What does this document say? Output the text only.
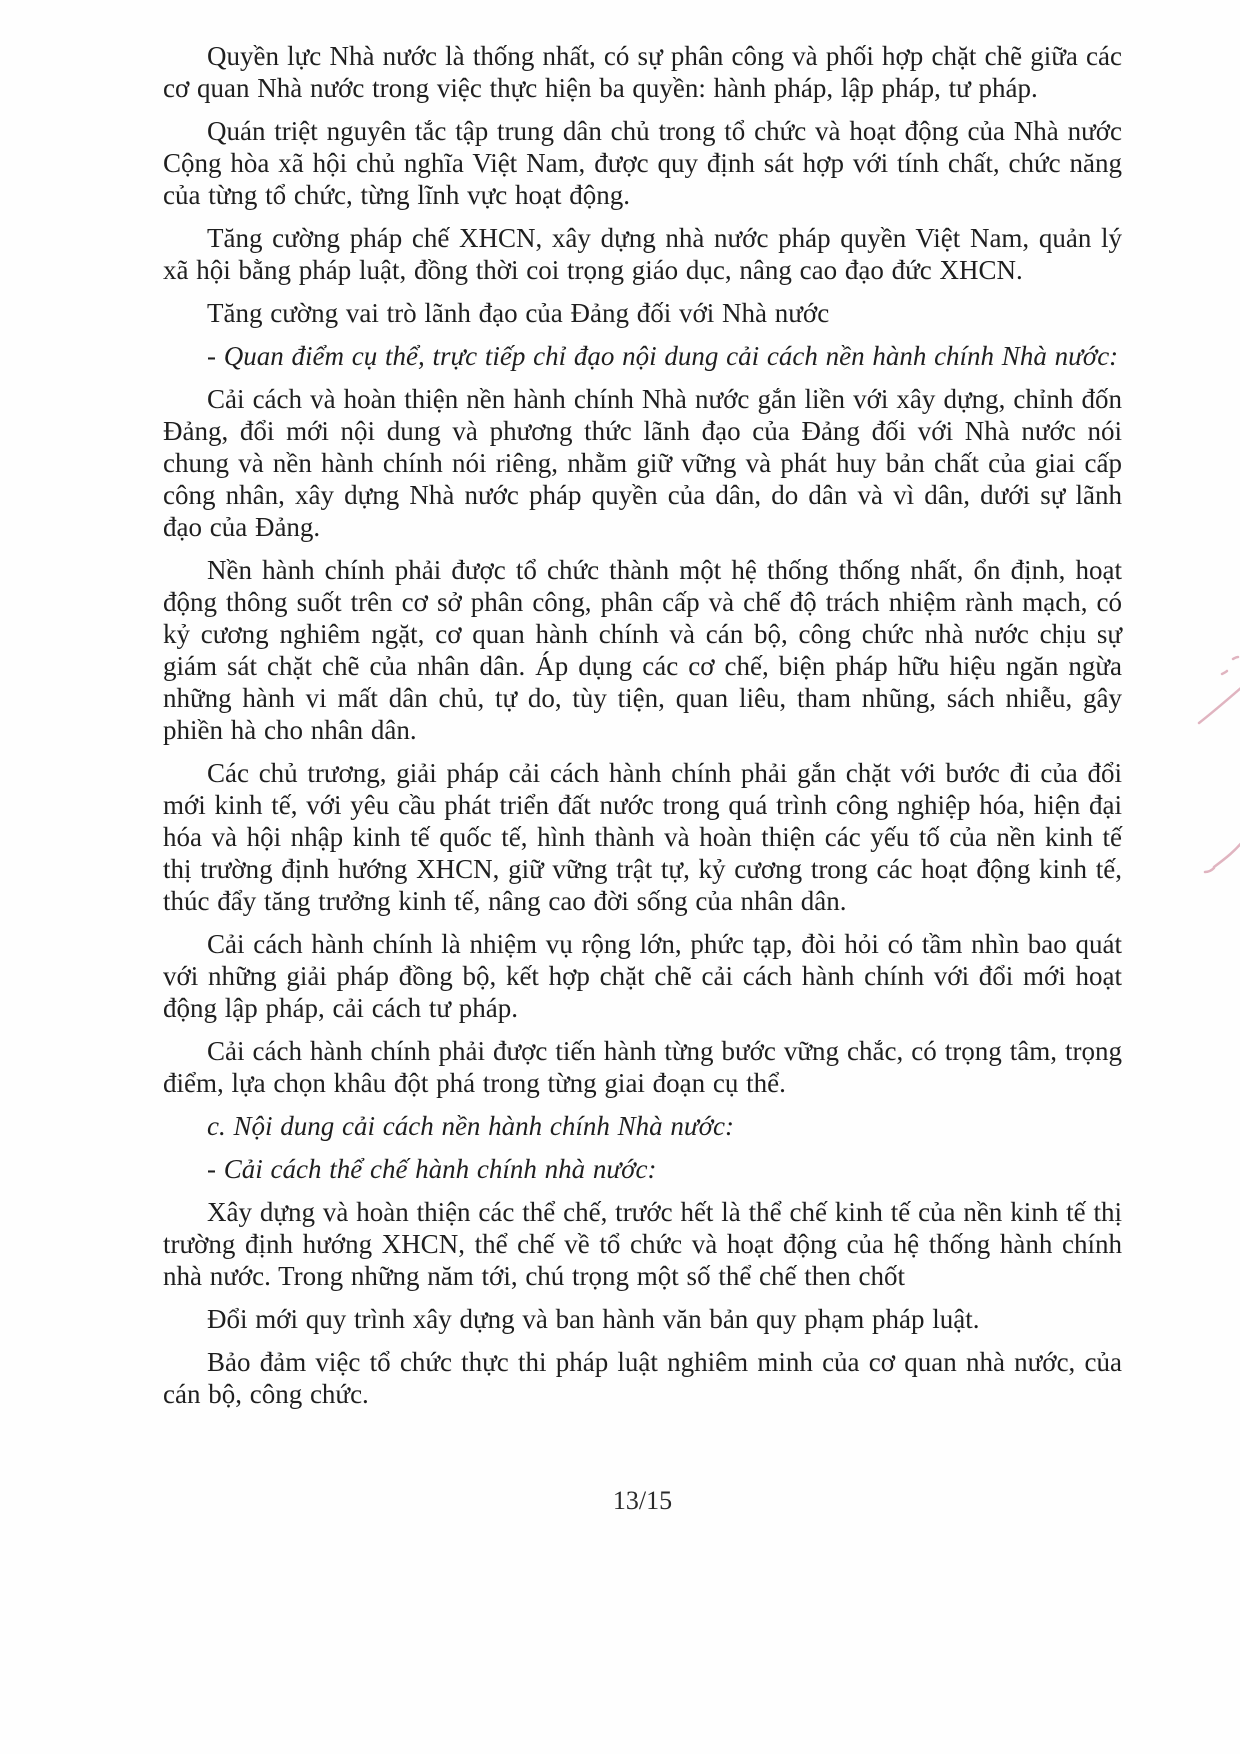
Quyền lực Nhà nước là thống nhất, có sự phân công và phối hợp chặt chẽ giữa các cơ quan Nhà nước trong việc thực hiện ba quyền: hành pháp, lập pháp, tư pháp.

Quán triệt nguyên tắc tập trung dân chủ trong tổ chức và hoạt động của Nhà nước Cộng hòa xã hội chủ nghĩa Việt Nam, được quy định sát hợp với tính chất, chức năng của từng tổ chức, từng lĩnh vực hoạt động.

Tăng cường pháp chế XHCN, xây dựng nhà nước pháp quyền Việt Nam, quản lý xã hội bằng pháp luật, đồng thời coi trọng giáo dục, nâng cao đạo đức XHCN.

Tăng cường vai trò lãnh đạo của Đảng đối với Nhà nước

- Quan điểm cụ thể, trực tiếp chỉ đạo nội dung cải cách nền hành chính Nhà nước:

Cải cách và hoàn thiện nền hành chính Nhà nước gắn liền với xây dựng, chỉnh đốn Đảng, đổi mới nội dung và phương thức lãnh đạo của Đảng đối với Nhà nước nói chung và nền hành chính nói riêng, nhằm giữ vững và phát huy bản chất của giai cấp công nhân, xây dựng Nhà nước pháp quyền của dân, do dân và vì dân, dưới sự lãnh đạo của Đảng.

Nền hành chính phải được tổ chức thành một hệ thống thống nhất, ổn định, hoạt động thông suốt trên cơ sở phân công, phân cấp và chế độ trách nhiệm rành mạch, có kỷ cương nghiêm ngặt, cơ quan hành chính và cán bộ, công chức nhà nước chịu sự giám sát chặt chẽ của nhân dân. Áp dụng các cơ chế, biện pháp hữu hiệu ngăn ngừa những hành vi mất dân chủ, tự do, tùy tiện, quan liêu, tham nhũng, sách nhiễu, gây phiền hà cho nhân dân.

Các chủ trương, giải pháp cải cách hành chính phải gắn chặt với bước đi của đổi mới kinh tế, với yêu cầu phát triển đất nước trong quá trình công nghiệp hóa, hiện đại hóa và hội nhập kinh tế quốc tế, hình thành và hoàn thiện các yếu tố của nền kinh tế thị trường định hướng XHCN, giữ vững trật tự, kỷ cương trong các hoạt động kinh tế, thúc đẩy tăng trưởng kinh tế, nâng cao đời sống của nhân dân.

Cải cách hành chính là nhiệm vụ rộng lớn, phức tạp, đòi hỏi có tầm nhìn bao quát với những giải pháp đồng bộ, kết hợp chặt chẽ cải cách hành chính với đổi mới hoạt động lập pháp, cải cách tư pháp.

Cải cách hành chính phải được tiến hành từng bước vững chắc, có trọng tâm, trọng điểm, lựa chọn khâu đột phá trong từng giai đoạn cụ thể.

c. Nội dung cải cách nền hành chính Nhà nước:

- Cải cách thể chế hành chính nhà nước:

Xây dựng và hoàn thiện các thể chế, trước hết là thể chế kinh tế của nền kinh tế thị trường định hướng XHCN, thể chế về tổ chức và hoạt động của hệ thống hành chính nhà nước. Trong những năm tới, chú trọng một số thể chế then chốt

Đổi mới quy trình xây dựng và ban hành văn bản quy phạm pháp luật.

Bảo đảm việc tổ chức thực thi pháp luật nghiêm minh của cơ quan nhà nước, của cán bộ, công chức.

13/15
